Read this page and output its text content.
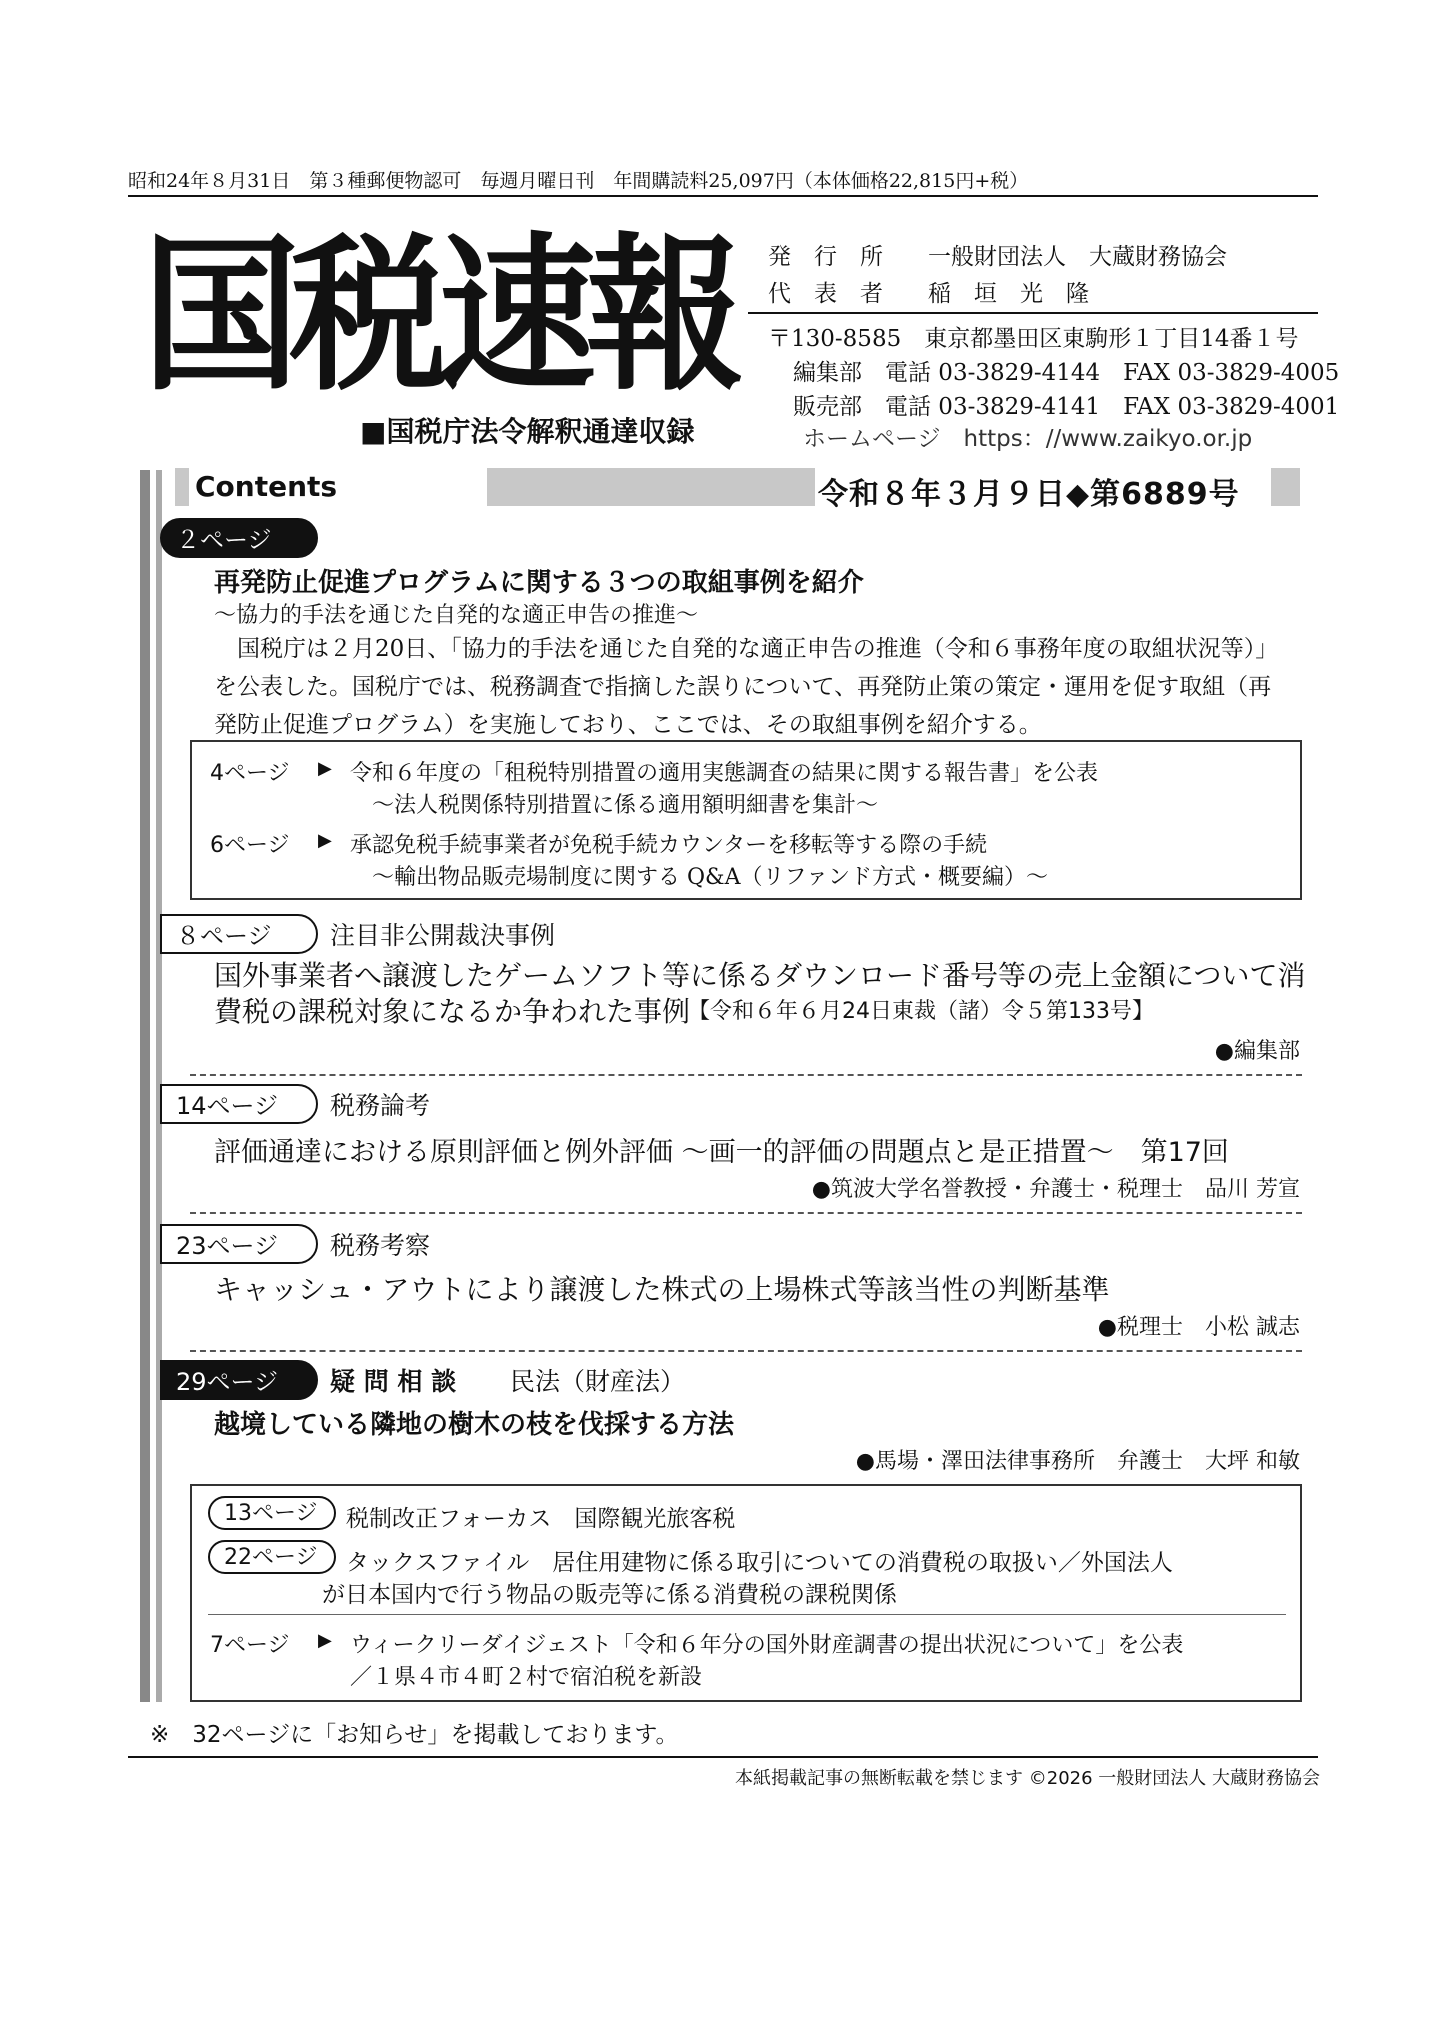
昭和24年８月31日　第３種郵便物認可　毎週月曜日刊　年間購読料25,097円（本体価格22,815円+税）
国税速報
■国税庁法令解釈通達収録
発　行　所 一般財団法人　大蔵財務協会
代　表　者 稲　垣　光　隆
〒130-8585　東京都墨田区東駒形１丁目14番１号
編集部　電話 03-3829-4144　FAX 03-3829-4005
販売部　電話 03-3829-4141　FAX 03-3829-4001
ホームページ　https：//www.zaikyo.or.jp
Contents	令和８年３月９日◆第6889号
２ページ
再発防止促進プログラムに関する３つの取組事例を紹介
～協力的手法を通じた自発的な適正申告の推進～
　国税庁は２月20日、「協力的手法を通じた自発的な適正申告の推進（令和６事務年度の取組状況等）」
を公表した。国税庁では、税務調査で指摘した誤りについて、再発防止策の策定・運用を促す取組（再
発防止促進プログラム）を実施しており、ここでは、その取組事例を紹介する。
4ページ ▶ 令和６年度の「租税特別措置の適用実態調査の結果に関する報告書」を公表
～法人税関係特別措置に係る適用額明細書を集計～
6ページ ▶ 承認免税手続事業者が免税手続カウンターを移転等する際の手続
～輸出物品販売場制度に関する Q&A（リファンド方式・概要編）～
８ページ	注目非公開裁決事例
国外事業者へ譲渡したゲームソフト等に係るダウンロード番号等の売上金額について消
費税の課税対象になるか争われた事例
【令和６年６月24日東裁（諸）令５第133号】
●編集部
14ページ	税務論考
評価通達における原則評価と例外評価 ～画一的評価の問題点と是正措置～　第17回
●筑波大学名誉教授・弁護士・税理士　品川 芳宣
23ページ	税務考察
キャッシュ・アウトにより譲渡した株式の上場株式等該当性の判断基準
●税理士　小松 誠志
29ページ	疑 問 相 談 民法（財産法）
越境している隣地の樹木の枝を伐採する方法
●馬場・澤田法律事務所　弁護士　大坪 和敏
13ページ	税制改正フォーカス　国際観光旅客税
22ページ	タックスファイル　居住用建物に係る取引についての消費税の取扱い／外国法人
が日本国内で行う物品の販売等に係る消費税の課税関係
7ページ ▶ ウィークリーダイジェスト「令和６年分の国外財産調書の提出状況について」を公表
／１県４市４町２村で宿泊税を新設
※　32ページに「お知らせ」を掲載しております。
本紙掲載記事の無断転載を禁じます ©2026 一般財団法人 大蔵財務協会
